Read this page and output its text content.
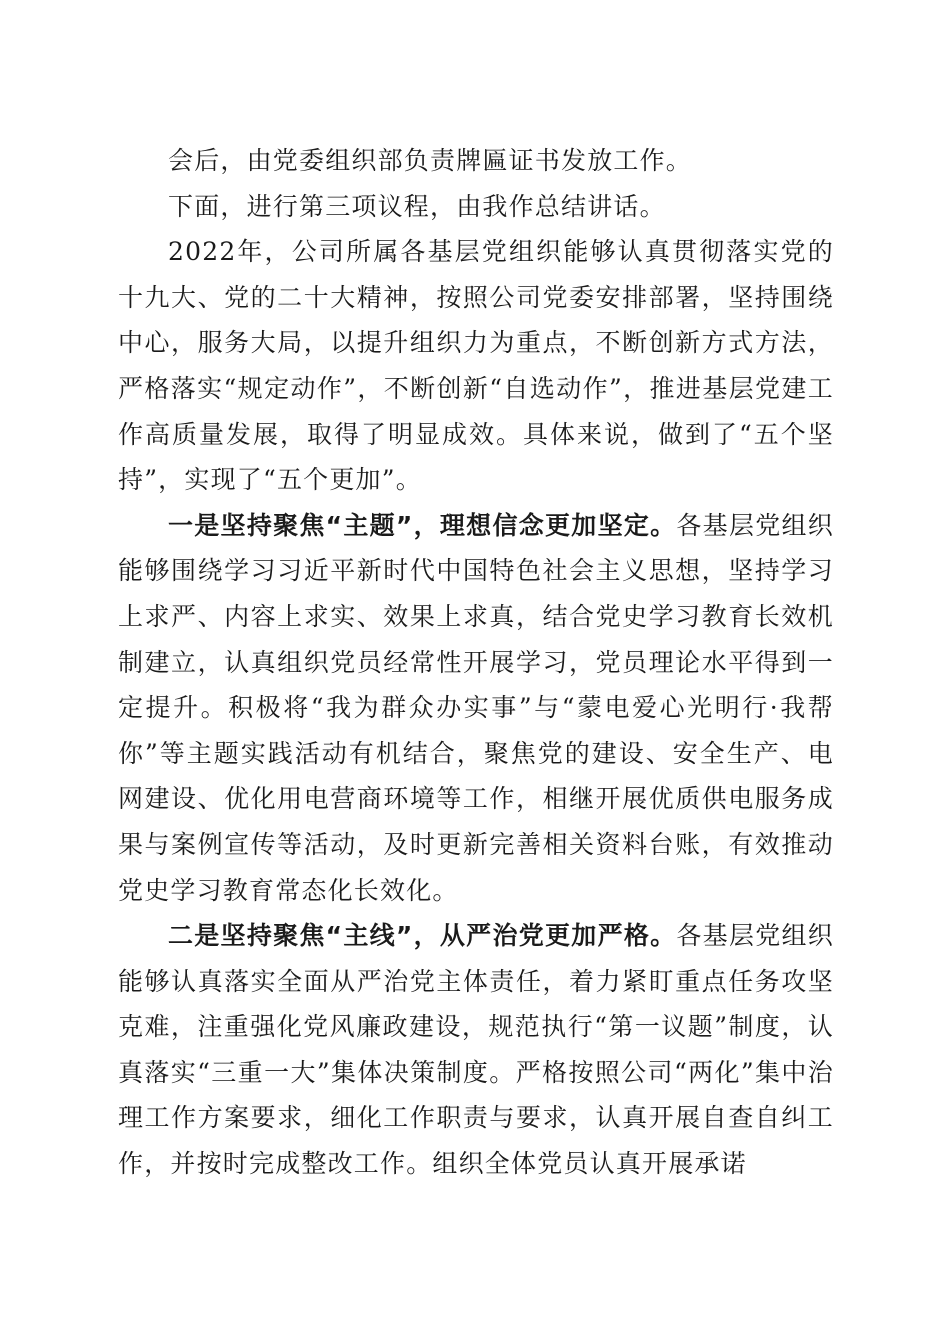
会后，由党委组织部负责牌匾证书发放工作。

下面，进行第三项议程，由我作总结讲话。

2022年，公司所属各基层党组织能够认真贯彻落实党的十九大、党的二十大精神，按照公司党委安排部署，坚持围绕中心，服务大局，以提升组织力为重点，不断创新方式方法，严格落实“规定动作”，不断创新“自选动作”，推进基层党建工作高质量发展，取得了明显成效。具体来说，做到了“五个坚持”，实现了“五个更加”。

一是坚持聚焦“主题”，理想信念更加坚定。各基层党组织能够围绕学习习近平新时代中国特色社会主义思想，坚持学习上求严、内容上求实、效果上求真，结合党史学习教育长效机制建立，认真组织党员经常性开展学习，党员理论水平得到一定提升。积极将“我为群众办实事”与“蒙电爱心光明行·我帮你”等主题实践活动有机结合，聚焦党的建设、安全生产、电网建设、优化用电营商环境等工作，相继开展优质供电服务成果与案例宣传等活动，及时更新完善相关资料台账，有效推动党史学习教育常态化长效化。

二是坚持聚焦“主线”，从严治党更加严格。各基层党组织能够认真落实全面从严治党主体责任，着力紧盯重点任务攻坚克难，注重强化党风廉政建设，规范执行“第一议题”制度，认真落实“三重一大”集体决策制度。严格按照公司“两化”集中治理工作方案要求，细化工作职责与要求，认真开展自查自纠工作，并按时完成整改工作。组织全体党员认真开展承诺
